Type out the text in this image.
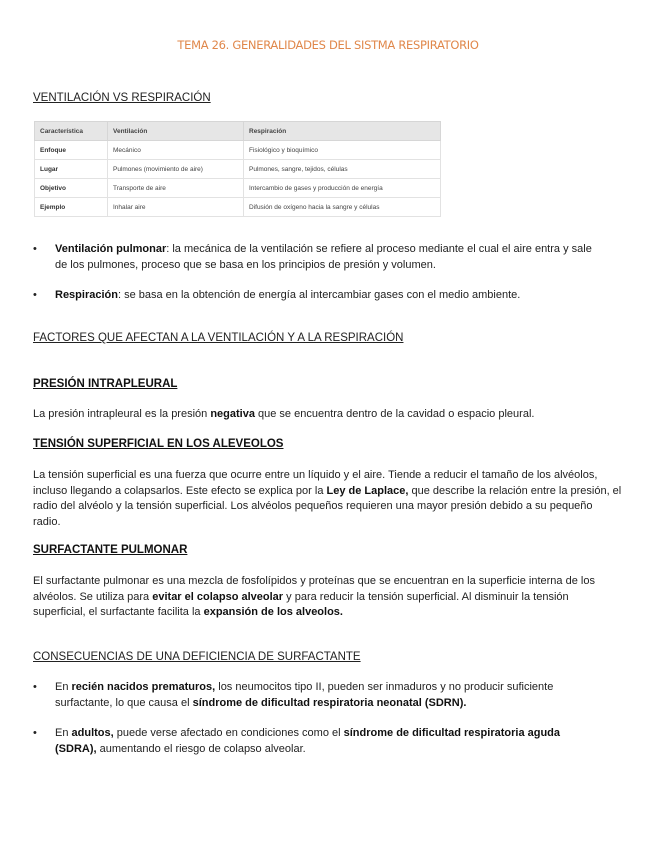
TEMA 26. GENERALIDADES DEL SISTMA RESPIRATORIO
VENTILACIÓN VS RESPIRACIÓN
Característica	Ventilación	Respiración
Enfoque	Mecánico	Fisiológico y bioquímico
Lugar	Pulmones (movimiento de aire)	Pulmones, sangre, tejidos, células
Objetivo	Transporte de aire	Intercambio de gases y producción de energía
Ejemplo	Inhalar aire	Difusión de oxígeno hacia la sangre y células
• Ventilación pulmonar: la mecánica de la ventilación se refiere al proceso mediante el cual el aire entra y sale de los pulmones, proceso que se basa en los principios de presión y volumen.
• Respiración: se basa en la obtención de energía al intercambiar gases con el medio ambiente.
FACTORES QUE AFECTAN A LA VENTILACIÓN Y A LA RESPIRACIÓN
PRESIÓN INTRAPLEURAL

La presión intrapleural es la presión negativa que se encuentra dentro de la cavidad o espacio pleural.

TENSIÓN SUPERFICIAL EN LOS ALEVEOLOS

La tensión superficial es una fuerza que ocurre entre un líquido y el aire. Tiende a reducir el tamaño de los alvéolos, incluso llegando a colapsarlos. Este efecto se explica por la Ley de Laplace, que describe la relación entre la presión, el radio del alvéolo y la tensión superficial. Los alvéolos pequeños requieren una mayor presión debido a su pequeño radio.

SURFACTANTE PULMONAR

El surfactante pulmonar es una mezcla de fosfolípidos y proteínas que se encuentran en la superficie interna de los alvéolos. Se utiliza para evitar el colapso alveolar y para reducir la tensión superficial. Al disminuir la tensión superficial, el surfactante facilita la expansión de los alveolos.

CONSECUENCIAS DE UNA DEFICIENCIA DE SURFACTANTE
• En recién nacidos prematuros, los neumocitos tipo II, pueden ser inmaduros y no producir suficiente surfactante, lo que causa el síndrome de dificultad respiratoria neonatal (SDRN).
• En adultos, puede verse afectado en condiciones como el síndrome de dificultad respiratoria aguda (SDRA), aumentando el riesgo de colapso alveolar.
